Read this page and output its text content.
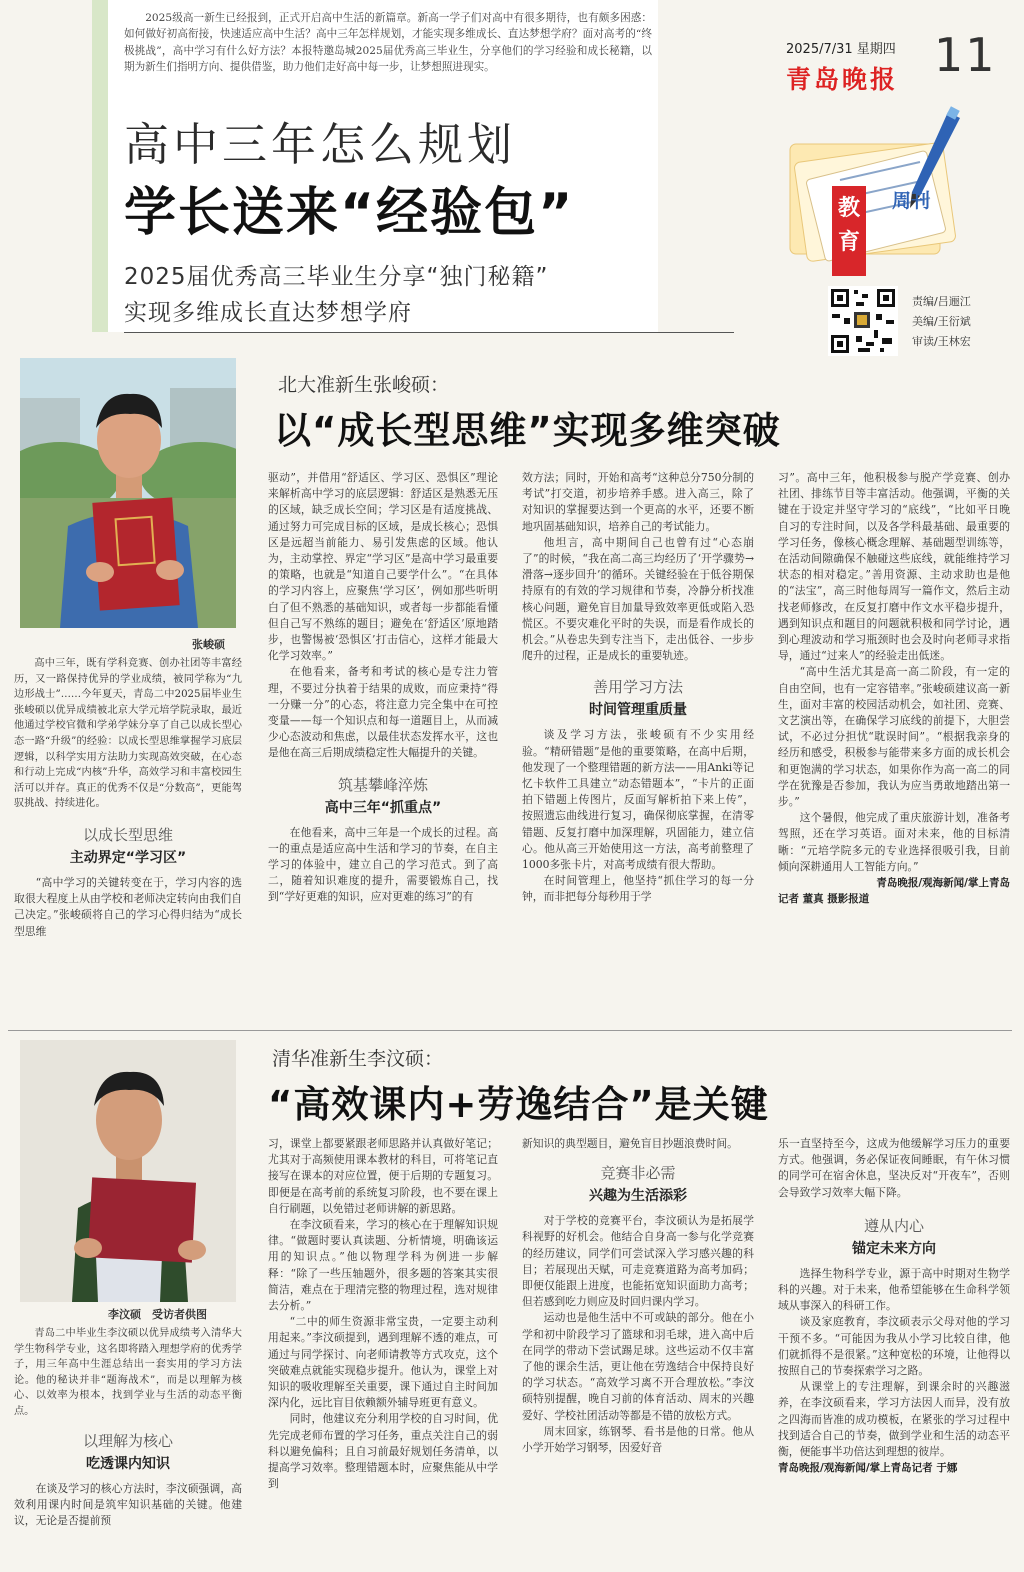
2025级高一新生已经报到，正式开启高中生活的新篇章。新高一学子们对高中有很多期待，也有颇多困惑：如何做好初高衔接，快速适应高中生活？高中三年怎样规划，才能实现多维成长、直达梦想学府？面对高考的“终极挑战”，高中学习有什么好方法？本报特邀岛城2025届优秀高三毕业生，分享他们的学习经验和成长秘籍，以期为新生们指明方向、提供借鉴，助力他们走好高中每一步，让梦想照进现实。
高中三年怎么规划
学长送来“经验包”
2025届优秀高三毕业生分享“独门秘籍”
实现多维成长直达梦想学府
2025/7/31 星期四 11
青岛晚报
教育
周刊
责编/吕逦江
美编/王衍斌
审读/王林宏
张峻硕
北大准新生张峻硕：
以“成长型思维”实现多维突破

高中三年，既有学科竞赛、创办社团等丰富经历，又一路保持优异的学业成绩，被同学称为“九边形战士”……今年夏天，青岛二中2025届毕业生张峻硕以优异成绩被北京大学元培学院录取，最近他通过学校官微和学弟学妹分享了自己以成长型心态一路“升级”的经验：以成长型思维掌握学习底层逻辑，以科学实用方法助力实现高效突破，在心态和行动上完成“内核”升华，高效学习和丰富校园生活可以并存。真正的优秀不仅是“分数高”，更能驾驭挑战、持续进化。

以成长型思维
主动界定“学习区”

“高中学习的关键转变在于，学习内容的选取很大程度上从由学校和老师决定转向由我们自己决定。”张峻硕将自己的学习心得归结为“成长型思维

驱动”，并借用“舒适区、学习区、恐惧区”理论来解析高中学习的底层逻辑：舒适区是熟悉无压的区域，缺乏成长空间；学习区是有适度挑战、通过努力可完成目标的区域，是成长核心；恐惧区是远超当前能力、易引发焦虑的区域。他认为，主动掌控、界定“学习区”是高中学习最重要的策略，也就是“知道自己要学什么”。“在具体的学习内容上，应聚焦‘学习区’，例如那些听明白了但不熟悉的基础知识，或者每一步都能看懂但自己写不熟练的题目；避免在‘舒适区’原地踏步，也警惕被‘恐惧区’打击信心，这样才能最大化学习效率。”

在他看来，备考和考试的核心是专注力管理，不要过分执着于结果的成败，而应秉持“得一分赚一分”的心态，将注意力完全集中在可控变量——每一个知识点和每一道题目上，从而减少心态波动和焦虑，以最佳状态发挥水平，这也是他在高三后期成绩稳定性大幅提升的关键。

筑基攀峰淬炼
高中三年“抓重点”

在他看来，高中三年是一个成长的过程。高一的重点是适应高中生活和学习的节奏，在自主学习的体验中，建立自己的学习范式。到了高二，随着知识难度的提升，需要锻炼自己，找到“学好更难的知识，应对更难的练习”的有

效方法；同时，开始和高考“这种总分750分制的考试”打交道，初步培养手感。进入高三，除了对知识的掌握要达到一个更高的水平，还要不断地巩固基础知识，培养自己的考试能力。

他坦言，高中期间自己也曾有过“心态崩了”的时候，“我在高二高三均经历了‘开学骤势→滑落→逐步回升’的循环。关键经验在于低谷期保持原有的有效的学习规律和节奏，冷静分析找准核心问题，避免盲目加量导致效率更低或陷入恐慌区。不要灾难化平时的失误，而是看作成长的机会。”从卷忠失到专注当下，走出低谷、一步步爬升的过程，正是成长的重要轨迹。

善用学习方法
时间管理重质量

谈及学习方法，张峻硕有不少实用经验。“精研错题”是他的重要策略，在高中后期，他发现了一个整理错题的新方法——用Anki等记忆卡软件工具建立“动态错题本”，“卡片的正面拍下错题上传图片，反面写解析拍下来上传”，按照遗忘曲线进行复习，确保彻底掌握，在清零错题、反复打磨中加深理解，巩固能力，建立信心。他从高三开始使用这一方法，高考前整理了1000多张卡片，对高考成绩有很大帮助。

在时间管理上，他坚持“抓住学习的每一分钟，而非把每分每秒用于学

习”。高中三年，他积极参与脱产学竞赛、创办社团、排练节目等丰富活动。他强调，平衡的关键在于设定并坚守学习的“底线”，“比如平日晚自习的专注时间，以及各学科最基础、最重要的学习任务，像核心概念理解、基础题型训练等，在活动间隙确保不触碰这些底线，就能维持学习状态的相对稳定。”善用资源、主动求助也是他的“法宝”，高三时他每周写一篇作文，然后主动找老师修改，在反复打磨中作文水平稳步提升，遇到知识点和题目的问题就积极和同学讨论，遇到心理波动和学习瓶颈时也会及时向老师寻求指导，通过“过来人”的经验走出低迷。

“高中生活尤其是高一高二阶段，有一定的自由空间，也有一定容错率。”张峻硕建议高一新生，面对丰富的校园活动机会，如社团、竞赛、文艺演出等，在确保学习底线的前提下，大胆尝试，不必过分担忧“耽误时间”。“根据我亲身的经历和感受，积极参与能带来多方面的成长机会和更饱满的学习状态，如果你作为高一高二的同学在犹豫是否参加，我认为应当勇敢地踏出第一步。”

这个暑假，他完成了重庆旅游计划，准备考驾照，还在学习英语。面对未来，他的目标清晰：“元培学院多元的专业选择很吸引我，目前倾向深耕通用人工智能方向。”

青岛晚报/观海新闻/掌上青岛
记者 董真 摄影报道
李汶硕　受访者供图
清华准新生李汶硕：
“高效课内+劳逸结合”是关键

青岛二中毕业生李汶硕以优异成绩考入清华大学生物科学专业，这名即将踏入理想学府的优秀学子，用三年高中生涯总结出一套实用的学习方法论。他的秘诀并非“题海战术”，而是以理解为核心、以效率为根本，找到学业与生活的动态平衡点。

以理解为核心
吃透课内知识

在谈及学习的核心方法时，李汶硕强调，高效利用课内时间是筑牢知识基础的关键。他建议，无论是否提前预

习，课堂上都要紧跟老师思路并认真做好笔记；尤其对于高频使用课本教材的科目，可将笔记直接写在课本的对应位置，便于后期的专题复习。即便是在高考前的系统复习阶段，也不要在课上自行刷题，以免错过老师讲解的新思路。

在李汶硕看来，学习的核心在于理解知识规律。“做题时要认真读题、分析情境，明确该运用的知识点。”他以物理学科为例进一步解释：“除了一些压轴题外，很多题的答案其实很简洁，难点在于理清完整的物理过程，选对规律去分析。”

“二中的师生资源非常宝贵，一定要主动利用起来。”李汶硕提到，遇到理解不透的难点，可通过与同学探讨、向老师请教等方式攻克，这个突破难点就能实现稳步提升。他认为，课堂上对知识的吸收理解至关重要，课下通过自主时间加深内化，远比盲目依赖额外辅导班更有意义。

同时，他建议充分利用学校的自习时间，优先完成老师布置的学习任务，重点关注自己的弱科以避免偏科；且自习前最好规划任务清单，以提高学习效率。整理错题本时，应聚焦能从中学到

新知识的典型题目，避免盲目抄题浪费时间。

竞赛非必需
兴趣为生活添彩

对于学校的竞赛平台，李汶硕认为是拓展学科视野的好机会。他结合自身高一参与化学竞赛的经历建议，同学们可尝试深入学习感兴趣的科目；若展现出天赋，可走竞赛道路为高考加码；即便仅能跟上进度，也能拓宽知识面助力高考；但若感到吃力则应及时回归课内学习。

运动也是他生活中不可或缺的部分。他在小学和初中阶段学习了篮球和羽毛球，进入高中后在同学的带动下尝试踢足球。这些运动不仅丰富了他的课余生活，更让他在劳逸结合中保持良好的学习状态。“高效学习离不开合理放松。”李汶硕特别提醒，晚自习前的体育活动、周末的兴趣爱好、学校社团活动等都是不错的放松方式。

周末回家，练钢琴、看书是他的日常。他从小学开始学习钢琴，因爱好音

乐一直坚持至今，这成为他缓解学习压力的重要方式。他强调，务必保证夜间睡眠，有午休习惯的同学可在宿舍休息，坚决反对“开夜车”，否则会导致学习效率大幅下降。

遵从内心
锚定未来方向

选择生物科学专业，源于高中时期对生物学科的兴趣。对于未来，他希望能够在生命科学领域从事深入的科研工作。

谈及家庭教育，李汶硕表示父母对他的学习干预不多。“可能因为我从小学习比较自律，他们就抓得不是很紧。”这种宽松的环境，让他得以按照自己的节奏探索学习之路。

从课堂上的专注理解，到课余时的兴趣滋养，在李汶硕看来，学习方法因人而异，没有放之四海而皆准的成功模板，在紧张的学习过程中找到适合自己的节奏，做到学业和生活的动态平衡，便能事半功倍达到理想的彼岸。

青岛晚报/观海新闻/掌上青岛记者 于娜
